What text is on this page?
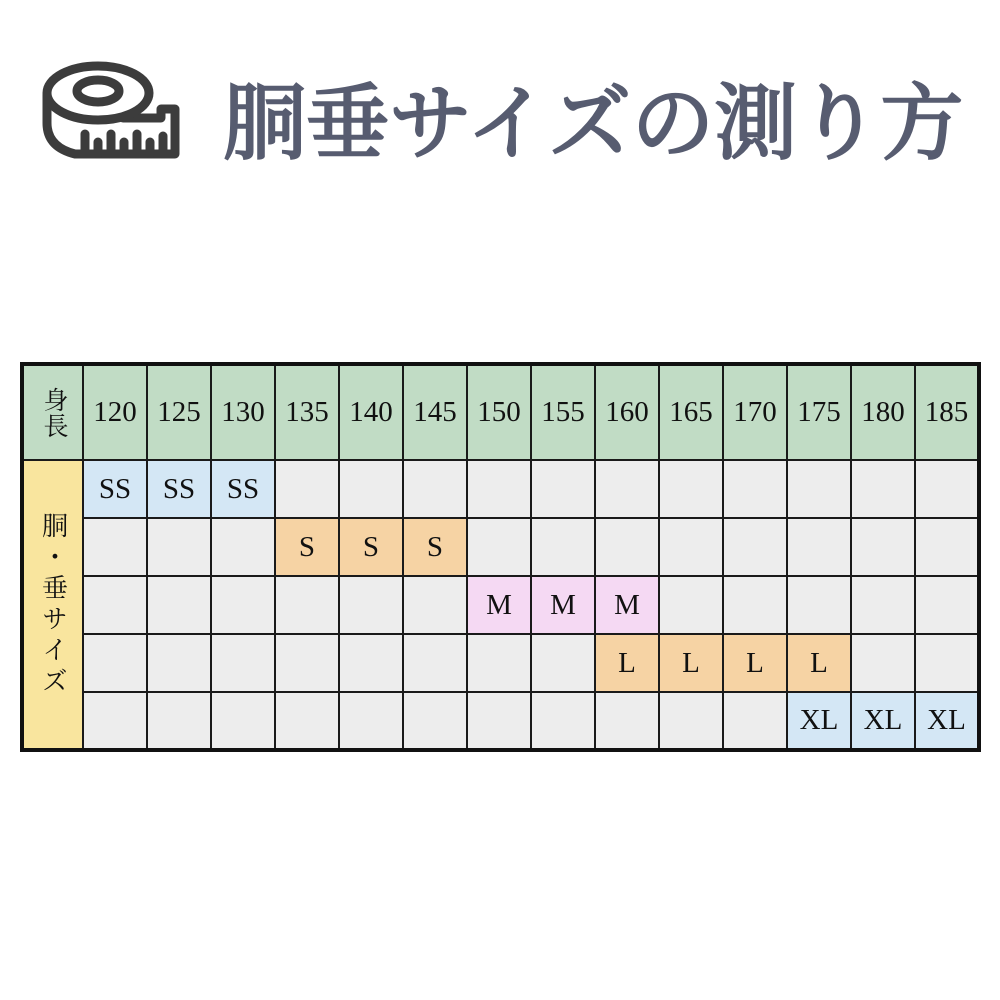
胴垂サイズの測り方
身長	120	125	130	135	140	145	150	155	160	165	170	175	180	185
胴・垂サイズ	SS	SS	SS											
				S	S	S								
							M	M	M					
									L	L	L	L		
												XL	XL	XL
